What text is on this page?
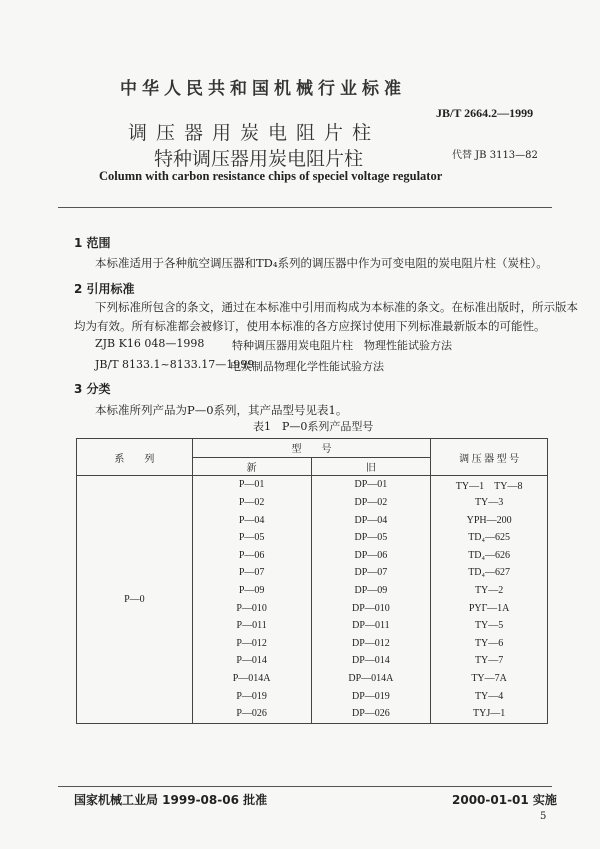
中华人民共和国机械行业标准
JB/T 2664.2—1999
调压器用炭电阻片柱
特种调压器用炭电阻片柱	代替 JB 3113—82
Column with carbon resistance chips of speciel voltage regulator
1 范围
本标准适用于各种航空调压器和TD₄系列的调压器中作为可变电阻的炭电阻片柱（炭柱）。
2 引用标准
下列标准所包含的条文，通过在本标准中引用而构成为本标准的条文。在标准出版时，所示版本
均为有效。所有标准都会被修订，使用本标准的各方应探讨使用下列标准最新版本的可能性。
ZJB K16 048—1998	特种调压器用炭电阻片柱　物理性能试验方法
JB/T 8133.1~8133.17—1999
电炭制品物理化学性能试验方法
3 分类
本标准所列产品为P—0系列，其产品型号见表1。
表1　P—0系列产品型号
系　　列	型　　号		调 压 器 型 号
	新	旧	
P—0	P—01	DP—01	TY—1　TY—8
	P—02	DP—02	TY—3
	P—04	DP—04	YPH—200
	P—05	DP—05	TD₄—625
	P—06	DP—06	TD₄—626
	P—07	DP—07	TD₄—627
	P—09	DP—09	TY—2
	P—010	DP—010	PYГ—1A
	P—011	DP—011	TY—5
	P—012	DP—012	TY—6
	P—014	DP—014	TY—7
	P—014A	DP—014A	TY—7A
	P—019	DP—019	TY—4
	P—026	DP—026	TYJ—1
国家机械工业局 1999-08-06 批准	2000-01-01 实施
5
